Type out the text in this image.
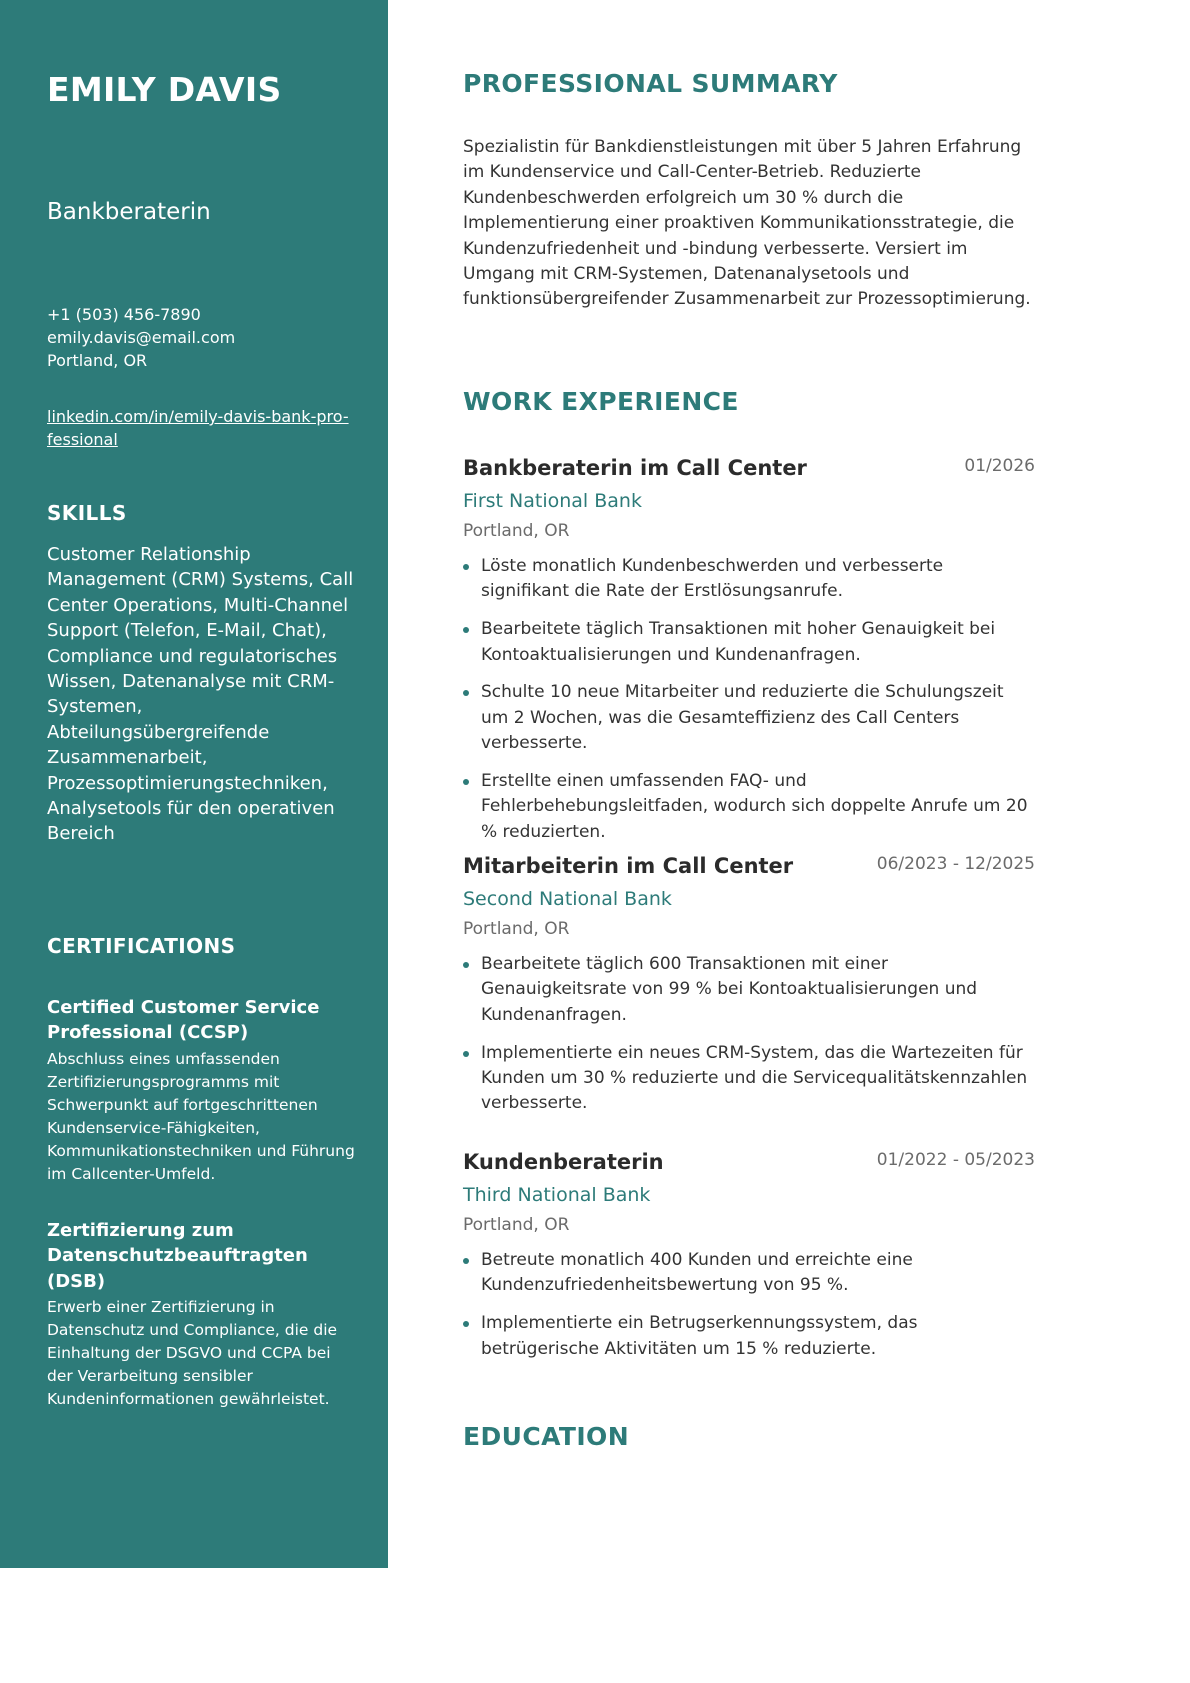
EMILY DAVIS
Bankberaterin
+1 (503) 456-7890
emily.davis@email.com
Portland, OR
linkedin.com/in/emily-davis-bank-pro-
fessional
SKILLS
Customer Relationship Management (CRM) Systems, Call Center Operations, Multi-Channel Support (Telefon, E-Mail, Chat), Compliance und regulatorisches Wissen, Datenanalyse mit CRM-Systemen, Abteilungsübergreifende Zusammenarbeit, Prozessoptimierungstechniken, Analysetools für den operativen Bereich
CERTIFICATIONS
Certified Customer Service Professional (CCSP)
Abschluss eines umfassenden Zertifizierungsprogramms mit Schwerpunkt auf fortgeschrittenen Kundenservice-Fähigkeiten, Kommunikationstechniken und Führung im Callcenter-Umfeld.
Zertifizierung zum Datenschutzbeauftragten (DSB)
Erwerb einer Zertifizierung in Datenschutz und Compliance, die die Einhaltung der DSGVO und CCPA bei der Verarbeitung sensibler Kundeninformationen gewährleistet.
PROFESSIONAL SUMMARY
Spezialistin für Bankdienstleistungen mit über 5 Jahren Erfahrung im Kundenservice und Call-Center-Betrieb. Reduzierte Kundenbeschwerden erfolgreich um 30 % durch die Implementierung einer proaktiven Kommunikationsstrategie, die Kundenzufriedenheit und -bindung verbesserte. Versiert im Umgang mit CRM-Systemen, Datenanalysetools und funktionsübergreifender Zusammenarbeit zur Prozessoptimierung.
WORK EXPERIENCE
Bankberaterin im Call Center	01/2026
First National Bank
Portland, OR
Löste monatlich Kundenbeschwerden und verbesserte signifikant die Rate der Erstlösungsanrufe.
Bearbeitete täglich Transaktionen mit hoher Genauigkeit bei Kontoaktualisierungen und Kundenanfragen.
Schulte 10 neue Mitarbeiter und reduzierte die Schulungszeit um 2 Wochen, was die Gesamteffizienz des Call Centers verbesserte.
Erstellte einen umfassenden FAQ- und Fehlerbehebungsleitfaden, wodurch sich doppelte Anrufe um 20 % reduzierten.
Mitarbeiterin im Call Center	06/2023 - 12/2025
Second National Bank
Portland, OR
Bearbeitete täglich 600 Transaktionen mit einer Genauigkeitsrate von 99 % bei Kontoaktualisierungen und Kundenanfragen.
Implementierte ein neues CRM-System, das die Wartezeiten für Kunden um 30 % reduzierte und die Servicequalitätskennzahlen verbesserte.
Kundenberaterin	01/2022 - 05/2023
Third National Bank
Portland, OR
Betreute monatlich 400 Kunden und erreichte eine Kundenzufriedenheitsbewertung von 95 %.
Implementierte ein Betrugserkennungssystem, das betrügerische Aktivitäten um 15 % reduzierte.
EDUCATION
